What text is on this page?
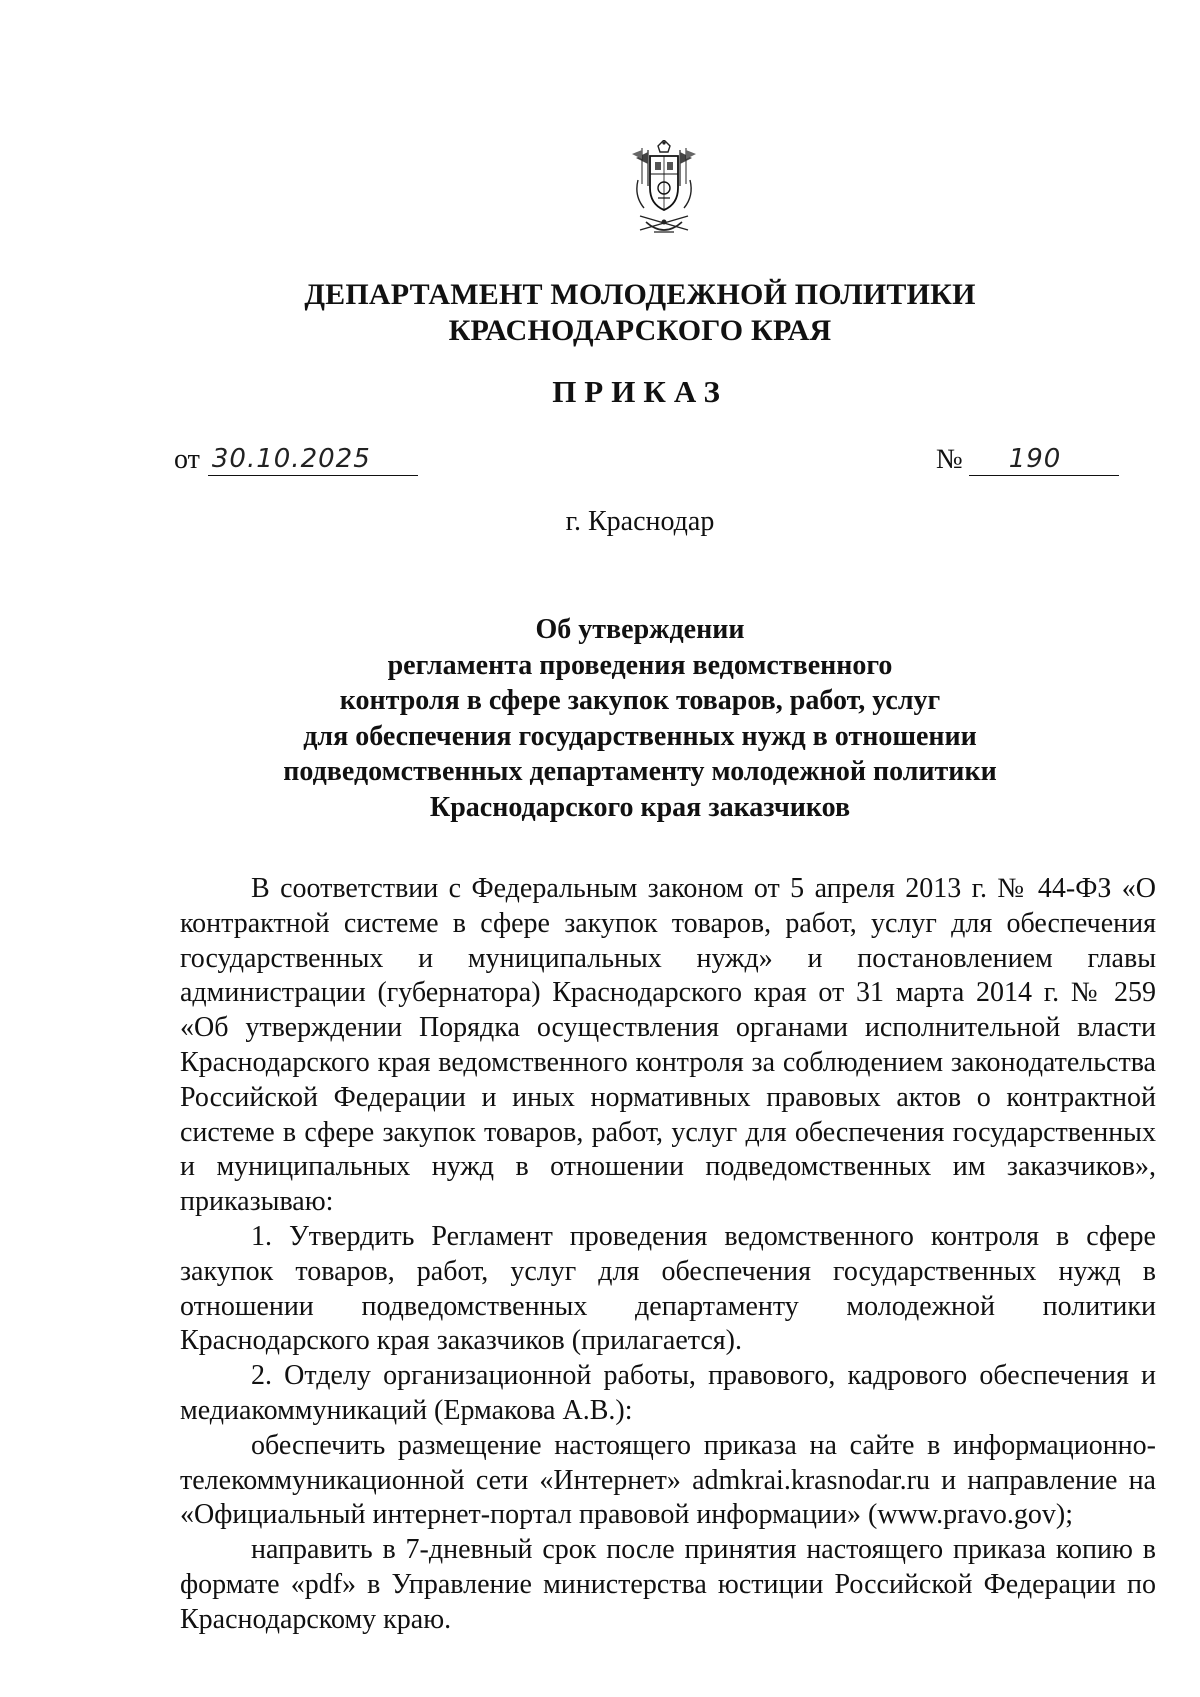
ДЕПАРТАМЕНТ МОЛОДЕЖНОЙ ПОЛИТИКИ
КРАСНОДАРСКОГО КРАЯ
ПРИКАЗ
от 30.10.2025	№	190
г. Краснодар
Об утверждении
регламента проведения ведомственного
контроля в сфере закупок товаров, работ, услуг
для обеспечения государственных нужд в отношении
подведомственных департаменту молодежной политики
Краснодарского края заказчиков

В соответствии с Федеральным законом от 5 апреля 2013 г. № 44-ФЗ «О контрактной системе в сфере закупок товаров, работ, услуг для обеспечения государственных и муниципальных нужд» и постановлением главы администрации (губернатора) Краснодарского края от 31 марта 2014 г. № 259 «Об утверждении Порядка осуществления органами исполнительной власти Краснодарского края ведомственного контроля за соблюдением законодательства Российской Федерации и иных нормативных правовых актов о контрактной системе в сфере закупок товаров, работ, услуг для обеспечения государственных и муниципальных нужд в отношении подведомственных им заказчиков», приказываю:

1. Утвердить Регламент проведения ведомственного контроля в сфере закупок товаров, работ, услуг для обеспечения государственных нужд в отношении подведомственных департаменту молодежной политики Краснодарского края заказчиков (прилагается).

2. Отделу организационной работы, правового, кадрового обеспечения и медиакоммуникаций (Ермакова А.В.):

обеспечить размещение настоящего приказа на сайте в информационно-телекоммуникационной сети «Интернет» admkrai.krasnodar.ru и направление на «Официальный интернет-портал правовой информации» (www.pravo.gov);

направить в 7-дневный срок после принятия настоящего приказа копию в формате «pdf» в Управление министерства юстиции Российской Федерации по Краснодарскому краю.
